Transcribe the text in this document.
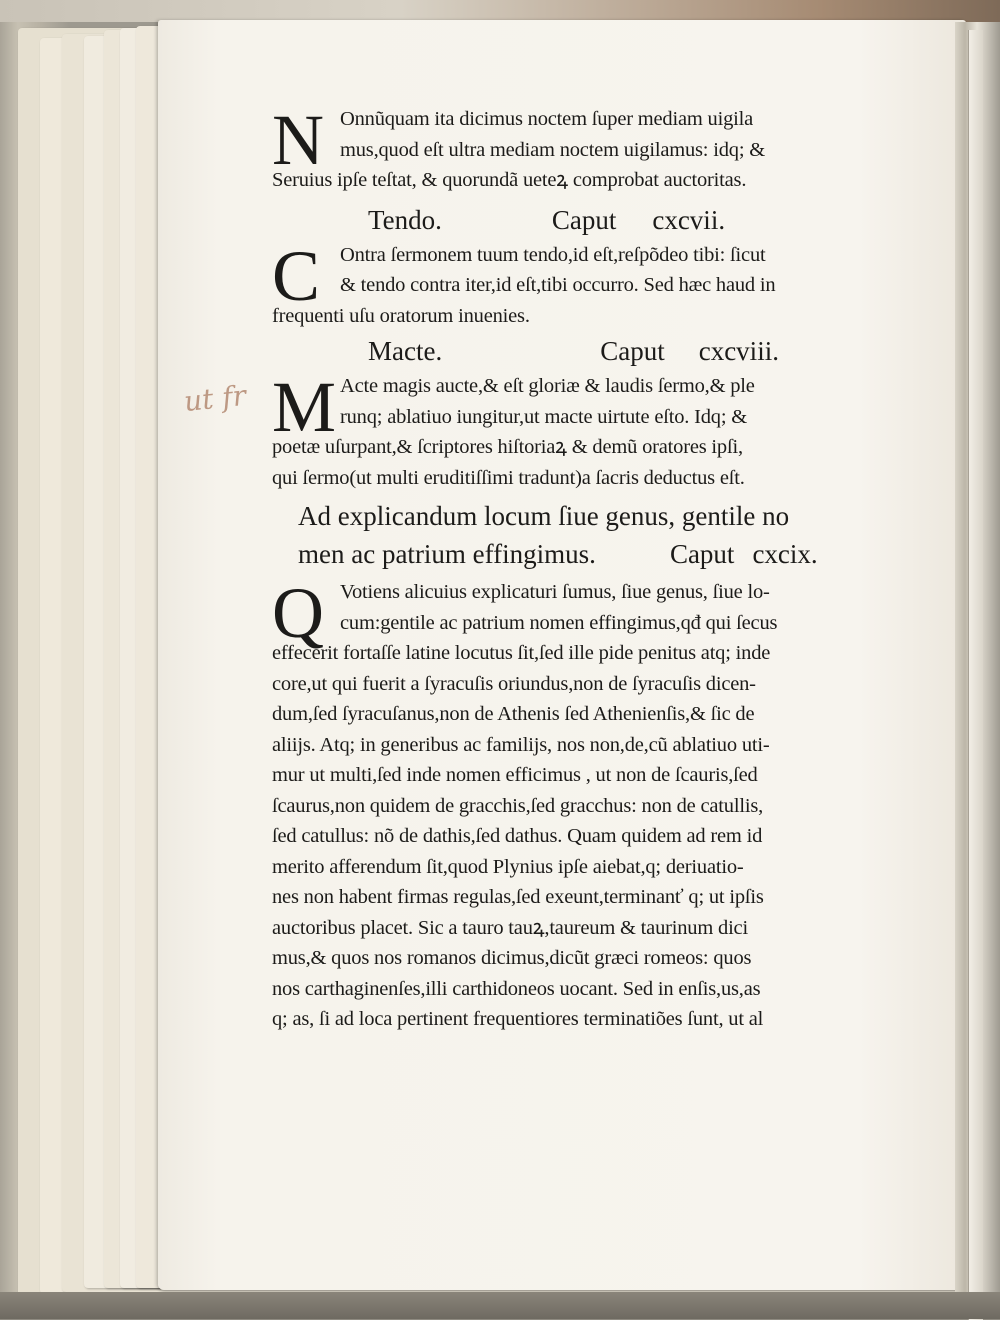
ut fr
N Onnũquam ita dicimus noctem ſuper mediam uigila
mus,quod eſt ultra mediam noctem uigilamus: idq; &
Seruius ipſe teſtat, & quorundã ueteꝝ comprobat auctoritas.
Tendo.	Caput cxcvii.
C Ontra ſermonem tuum tendo,id eſt,reſpõdeo tibi: ſicut
& tendo contra iter,id eſt,tibi occurro. Sed hæc haud in
frequenti uſu oratorum inuenies.
Macte.	Caput cxcviii.
M Acte magis aucte,& eſt gloriæ & laudis ſermo,& ple
runq; ablatiuo iungitur,ut macte uirtute eſto. Idq; &
poetæ uſurpant,& ſcriptores hiſtoriaꝝ & demũ oratores ipſi,
qui ſermo(ut multi eruditiſſimi tradunt)a ſacris deductus eſt.
Ad explicandum locum ſiue genus, gentile no
men ac patrium effingimus.	Caput cxcix.
Q Votiens alicuius explicaturi ſumus, ſiue genus, ſiue lo-
cum:gentile ac patrium nomen effingimus,qđ qui ſecus
effecerit fortaſſe latine locutus ſit,ſed ille pide penitus atq; inde
core,ut qui fuerit a ſyracuſis oriundus,non de ſyracuſis dicen-
dum,ſed ſyracuſanus,non de Athenis ſed Athenienſis,& ſic de
aliijs. Atq; in generibus ac familijs, nos non,de,cũ ablatiuo uti-
mur ut multi,ſed inde nomen efficimus , ut non de ſcauris,ſed
ſcaurus,non quidem de gracchis,ſed gracchus: non de catullis,
ſed catullus: nõ de dathis,ſed dathus. Quam quidem ad rem id
merito afferendum ſit,quod Plynius ipſe aiebat,q; deriuatio-
nes non habent firmas regulas,ſed exeunt,terminanť q; ut ipſis
auctoribus placet. Sic a tauro tauꝝ,taureum & taurinum dici
mus,& quos nos romanos dicimus,dicũt græci romeos: quos
nos carthaginenſes,illi carthidoneos uocant. Sed in enſis,us,as
q; as, ſi ad loca pertinent frequentiores terminatiões ſunt, ut al
